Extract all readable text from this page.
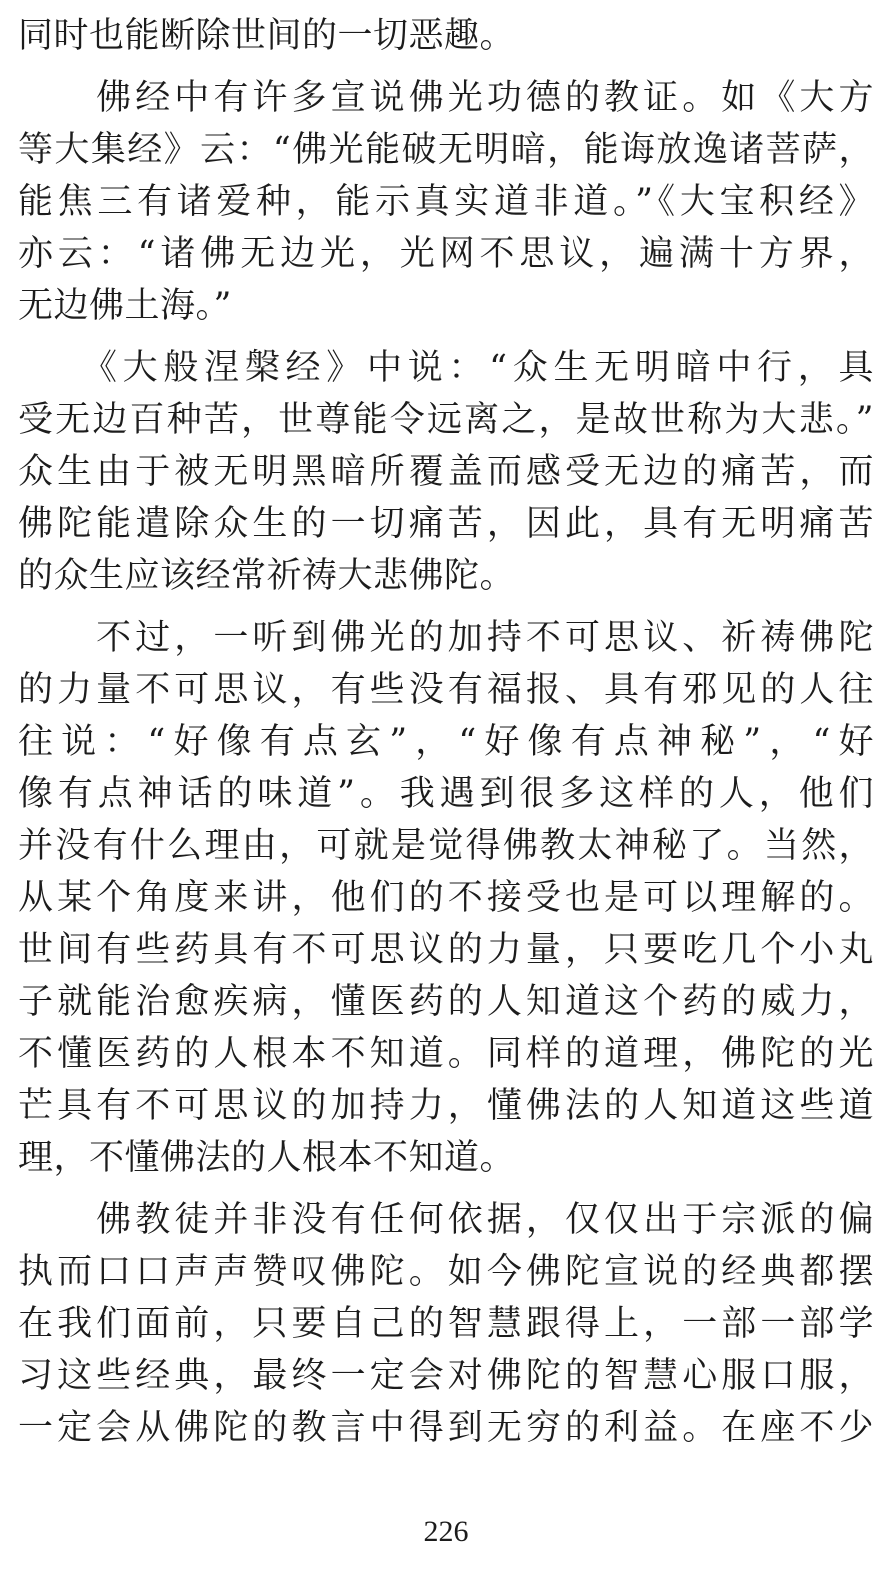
同时也能断除世间的一切恶趣。
　　佛经中有许多宣说佛光功德的教证。如《大方
等大集经》云：“佛光能破无明暗，能诲放逸诸菩萨，
能焦三有诸爱种，能示真实道非道。”《大宝积经》
亦云：“诸佛无边光，光网不思议，遍满十方界，
无边佛土海。”
　　《大般涅槃经》中说：“众生无明暗中行，具
受无边百种苦，世尊能令远离之，是故世称为大悲。”
众生由于被无明黑暗所覆盖而感受无边的痛苦，而
佛陀能遣除众生的一切痛苦，因此，具有无明痛苦
的众生应该经常祈祷大悲佛陀。
　　不过，一听到佛光的加持不可思议、祈祷佛陀
的力量不可思议，有些没有福报、具有邪见的人往
往说：“好像有点玄”，“好像有点神秘”，“好
像有点神话的味道”。我遇到很多这样的人，他们
并没有什么理由，可就是觉得佛教太神秘了。当然，
从某个角度来讲，他们的不接受也是可以理解的。
世间有些药具有不可思议的力量，只要吃几个小丸
子就能治愈疾病，懂医药的人知道这个药的威力，
不懂医药的人根本不知道。同样的道理，佛陀的光
芒具有不可思议的加持力，懂佛法的人知道这些道
理，不懂佛法的人根本不知道。
　　佛教徒并非没有任何依据，仅仅出于宗派的偏
执而口口声声赞叹佛陀。如今佛陀宣说的经典都摆
在我们面前，只要自己的智慧跟得上，一部一部学
习这些经典，最终一定会对佛陀的智慧心服口服，
一定会从佛陀的教言中得到无穷的利益。在座不少
226
